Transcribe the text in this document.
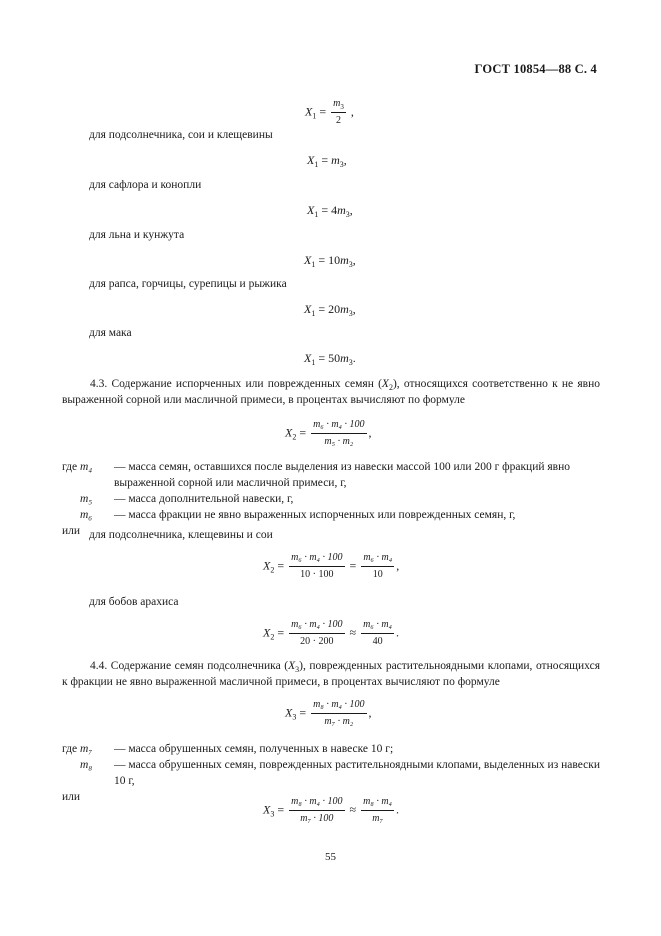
ГОСТ 10854—88 С. 4
$X_1 = \frac{m_3}{2}$ ,
для подсолнечника, сои и клещевины
$X_1 = m_3$,
для сафлора и конопли
$X_1 = 4m_3$,
для льна и кунжута
$X_1 = 10m_3$,
для рапса, горчицы, сурепицы и рыжика
$X_1 = 20m_3$,
для мака
$X_1 = 50m_3$.
4.3. Содержание испорченных или поврежденных семян $(X_2)$, относящихся соответственно к не явно выраженной сорной или масличной примеси, в процентах вычисляют по формуле
$X_2 = \frac{\text{m₆ · m₄ · 100}}{\text{m₅ · m₂}}$ ,
где m₄	— масса семян, оставшихся после выделения из навески массой 100 или 200 г фракций явно выраженной сорной или масличной примеси, г,
m₅	— масса дополнительной навески, г,
m₆	— масса фракции не явно выраженных испорченных или поврежденных семян, г,
или для подсолнечника, клещевины и сои
$X_2 = \frac{\text{m₆ · m₄ · 100}}{10 \cdot 100} = \frac{\text{m₆ · m₄}}{10}$ ,
для бобов арахиса
$X_2 = \frac{\text{m₆ · m₄ · 100}}{20 \cdot 200} \approx \frac{\text{m₆ · m₄}}{40}$ .
4.4. Содержание семян подсолнечника $(X_3)$, поврежденных растительноядными клопами, относящихся к фракции не явно выраженной масличной примеси, в процентах вычисляют по формуле
$X_3 = \frac{\text{m₈ · m₄ · 100}}{\text{m₇ · m₂}}$ ,
где m₇	— масса обрушенных семян, полученных в навеске 10 г;
m₈	— масса обрушенных семян, поврежденных растительноядными клопами, выделенных из навески 10 г,
или
$X_3 = \frac{\text{m₈ · m₄ · 100}}{\text{m₇ · 100}} \approx \frac{\text{m₈ · m₄}}{\text{m₇}}$ .
55
